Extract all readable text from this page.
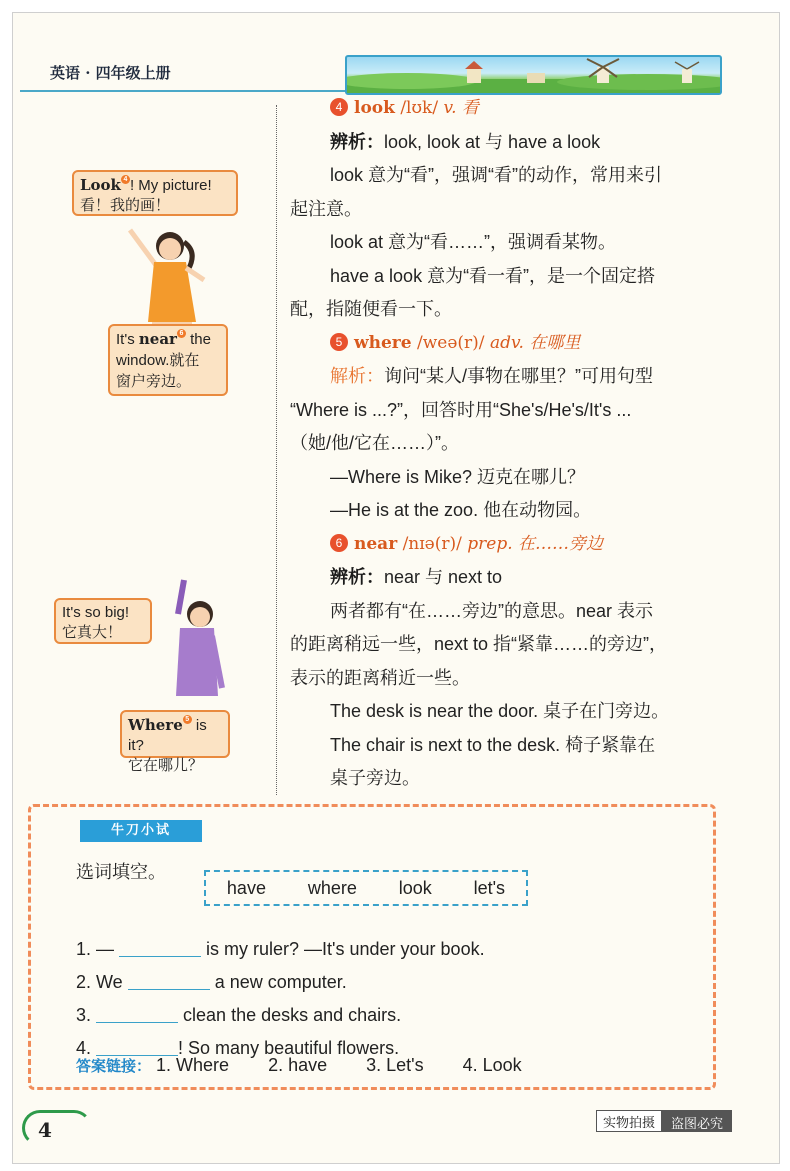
英语 · 四年级上册
Look 4 ! My picture!
看！我的画！
It's near 6 the window.就在
窗户旁边。
It's so big!
它真大！
Where 5 is it?
它在哪儿？

4 look /lʊk/ v. 看

辨析：look, look at 与 have a look

look 意为“看”，强调“看”的动作，常用来引

起注意。

look at 意为“看……”，强调看某物。

have a look 意为“看一看”，是一个固定搭

配，指随便看一下。

5 where /weə(r)/ adv. 在哪里

解析：询问“某人/事物在哪里？”可用句型

“Where is ...?”，回答时用“She's/He's/It's ...

（她/他/它在……）”。

—Where is Mike? 迈克在哪儿？

—He is at the zoo. 他在动物园。

6 near /nɪə(r)/ prep. 在……旁边

辨析：near 与 next to

两者都有“在……旁边”的意思。near 表示

的距离稍远一些，next to 指“紧靠……的旁边”，

表示的距离稍近一些。

The desk is near the door. 桌子在门旁边。

The chair is next to the desk. 椅子紧靠在

桌子旁边。

牛刀小试
选词填空。
have where look let's
1. —	is my ruler? —It's under your book.
2. We	a new computer.
3.	clean the desks and chairs.
4.	! So many beautiful flowers.
答案链接： 1. Where 2. have 3. Let's 4. Look
4	实物拍摄	盗图必究
